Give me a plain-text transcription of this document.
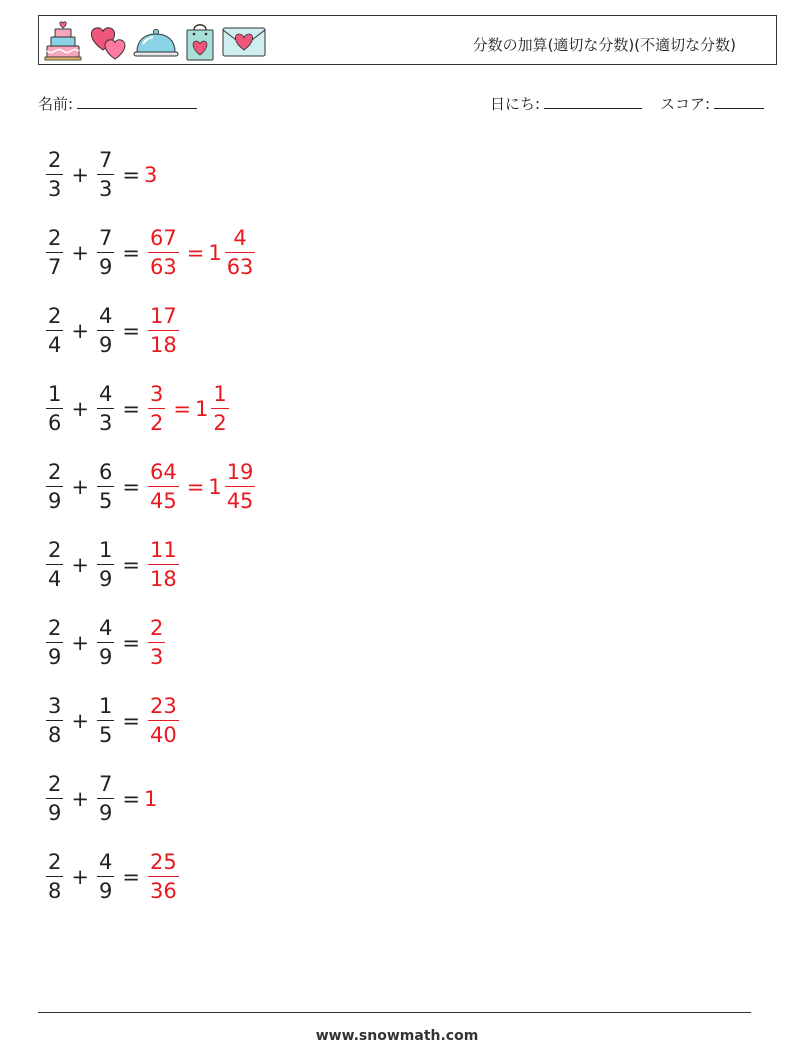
分数の加算(適切な分数)(不適切な分数)
名前:	日にち:	スコア:
$\frac{2}{3} + \frac{7}{3} = 3$
$\frac{2}{7} + \frac{7}{9} = \frac{67}{63} = 1 \frac{4}{63}$
$\frac{2}{4} + \frac{4}{9} = \frac{17}{18}$
$\frac{1}{6} + \frac{4}{3} = \frac{3}{2} = 1 \frac{1}{2}$
$\frac{2}{9} + \frac{6}{5} = \frac{64}{45} = 1 \frac{19}{45}$
$\frac{2}{4} + \frac{1}{9} = \frac{11}{18}$
$\frac{2}{9} + \frac{4}{9} = \frac{2}{3}$
$\frac{3}{8} + \frac{1}{5} = \frac{23}{40}$
$\frac{2}{9} + \frac{7}{9} = 1$
$\frac{2}{8} + \frac{4}{9} = \frac{25}{36}$
www.snowmath.com
